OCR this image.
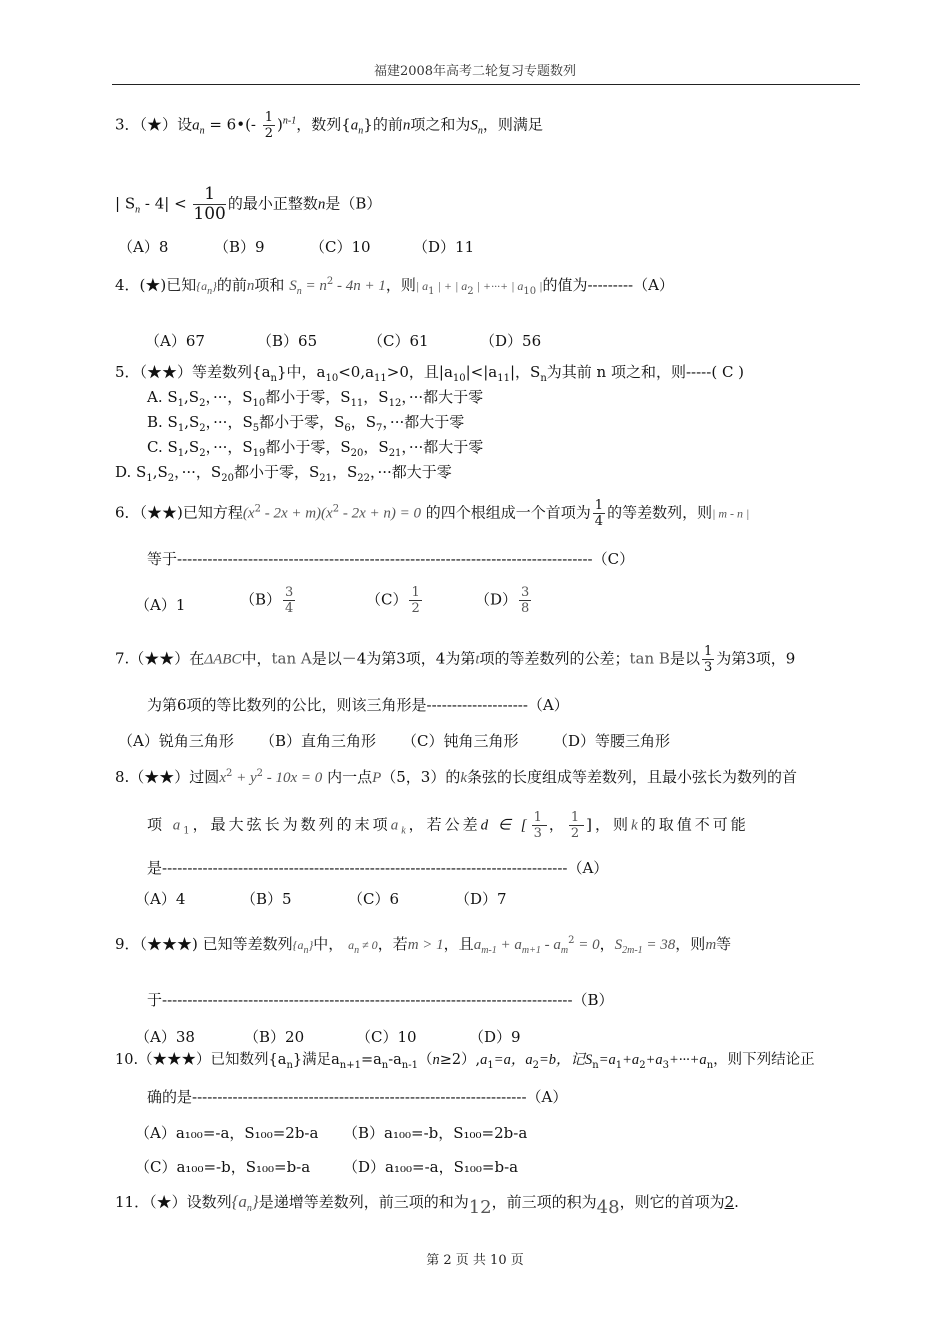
福建2008年高考二轮复习专题数列
3．（★）设$a_n$ = 6•(- $\frac{1}{2} )^{n-1}$，数列$\{a_n\}$的前n项之和为$S_n$，则满足
| $S_n - 4| < \frac{1}{100}$ 的最小正整数n是（B）
（A）8	（B）9	（C）10	（D）11
4．(★)已知$\{a_n\}$的前n项和 $S_n = n^2 - 4n + 1$，则| $a_1$ | + | $a_2$ | +···+ | $a_{10}$ |的值为---------（A）
（A）67	（B）65	（C）61	（D）56
5．（★★）等差数列$\{a_n\}$中，$a_{10}<0,a_{11}>0$，且$|a_{10}|<|a_{11}|$，$S_n$为其前 n 项之和，则-----( C )
A. $S_1,S_2$，···，$S_{10}$都小于零，$S_{11}$，$S_{12}$，···都大于零
B. $S_1,S_2$，···，$S_5$都小于零，$S_6$，$S_7$，···都大于零
C. $S_1,S_2$，···，$S_{19}$都小于零，$S_{20}$，$S_{21}$，···都大于零
D. $S_1,S_2$，···，$S_{20}$都小于零，$S_{21}$，$S_{22}$，···都大于零
6．（★★)已知方程$(x^2 - 2x + m)(x^2 - 2x + n) = 0$ 的四个根组成一个首项为 $\frac{1}{4}$ 的等差数列，则| m - n |
等于----------------------------------------------------------------------------------（C）
（A）1	$(B) \frac{3}{4}$	$(C) \frac{1}{2}$	$(D) \frac{3}{8}$
7.（★★）在ΔABC中，tan A是以－4为第3项，4为第t项的等差数列的公差；tan B是以 $\frac{1}{3}$ 为第3项，9
为第6项的等比数列的公比，则该三角形是--------------------（A）
（A）锐角三角形 （B）直角三角形 （C）钝角三角形 （D）等腰三角形
8.（★★）过圆$x^2 + y^2 - 10x = 0$ 内一点P（5，3）的k条弦的长度组成等差数列，且最小弦长为数列的首
项 $a_1$，最大弦长为数列的末项$a_k$，若公差d ∈ [ $\frac{1}{3}$ ， $\frac{1}{2}$ ]，则k的取值不可能
是--------------------------------------------------------------------------------（A）
（A）4	（B）5	（C）6	（D）7
9．（★★★) 已知等差数列$\{a_n\}$中， $a_n \ne 0$，若m > 1，且$a_{m-1} + a_{m+1} - a_m^2 = 0$，$S_{2m-1} = 38$，则m等
于---------------------------------------------------------------------------------（B）
（A）38	（B）20	（C）10	（D）9
10.（★★★）已知数列$\{a_n\}$满足$a_{n+1}=a_n-a_{n-1}(n\ge 2),a_1=a$，$a_2=b$，记$S_n=a_1+a_2+a_3+\cdot\cdot\cdot+a_n$，则下列结论正
确的是------------------------------------------------------------------（A）
（A）a₁₀₀=-a，S₁₀₀=2b-a （B）a₁₀₀=-b，S₁₀₀=2b-a
（C）a₁₀₀=-b，S₁₀₀=b-a （D）a₁₀₀=-a，S₁₀₀=b-a
11．（★）设数列$\{a_n\}$是递增等差数列，前三项的和为12，前三项的积为48，则它的首项为2.
第 2 页 共 10 页
